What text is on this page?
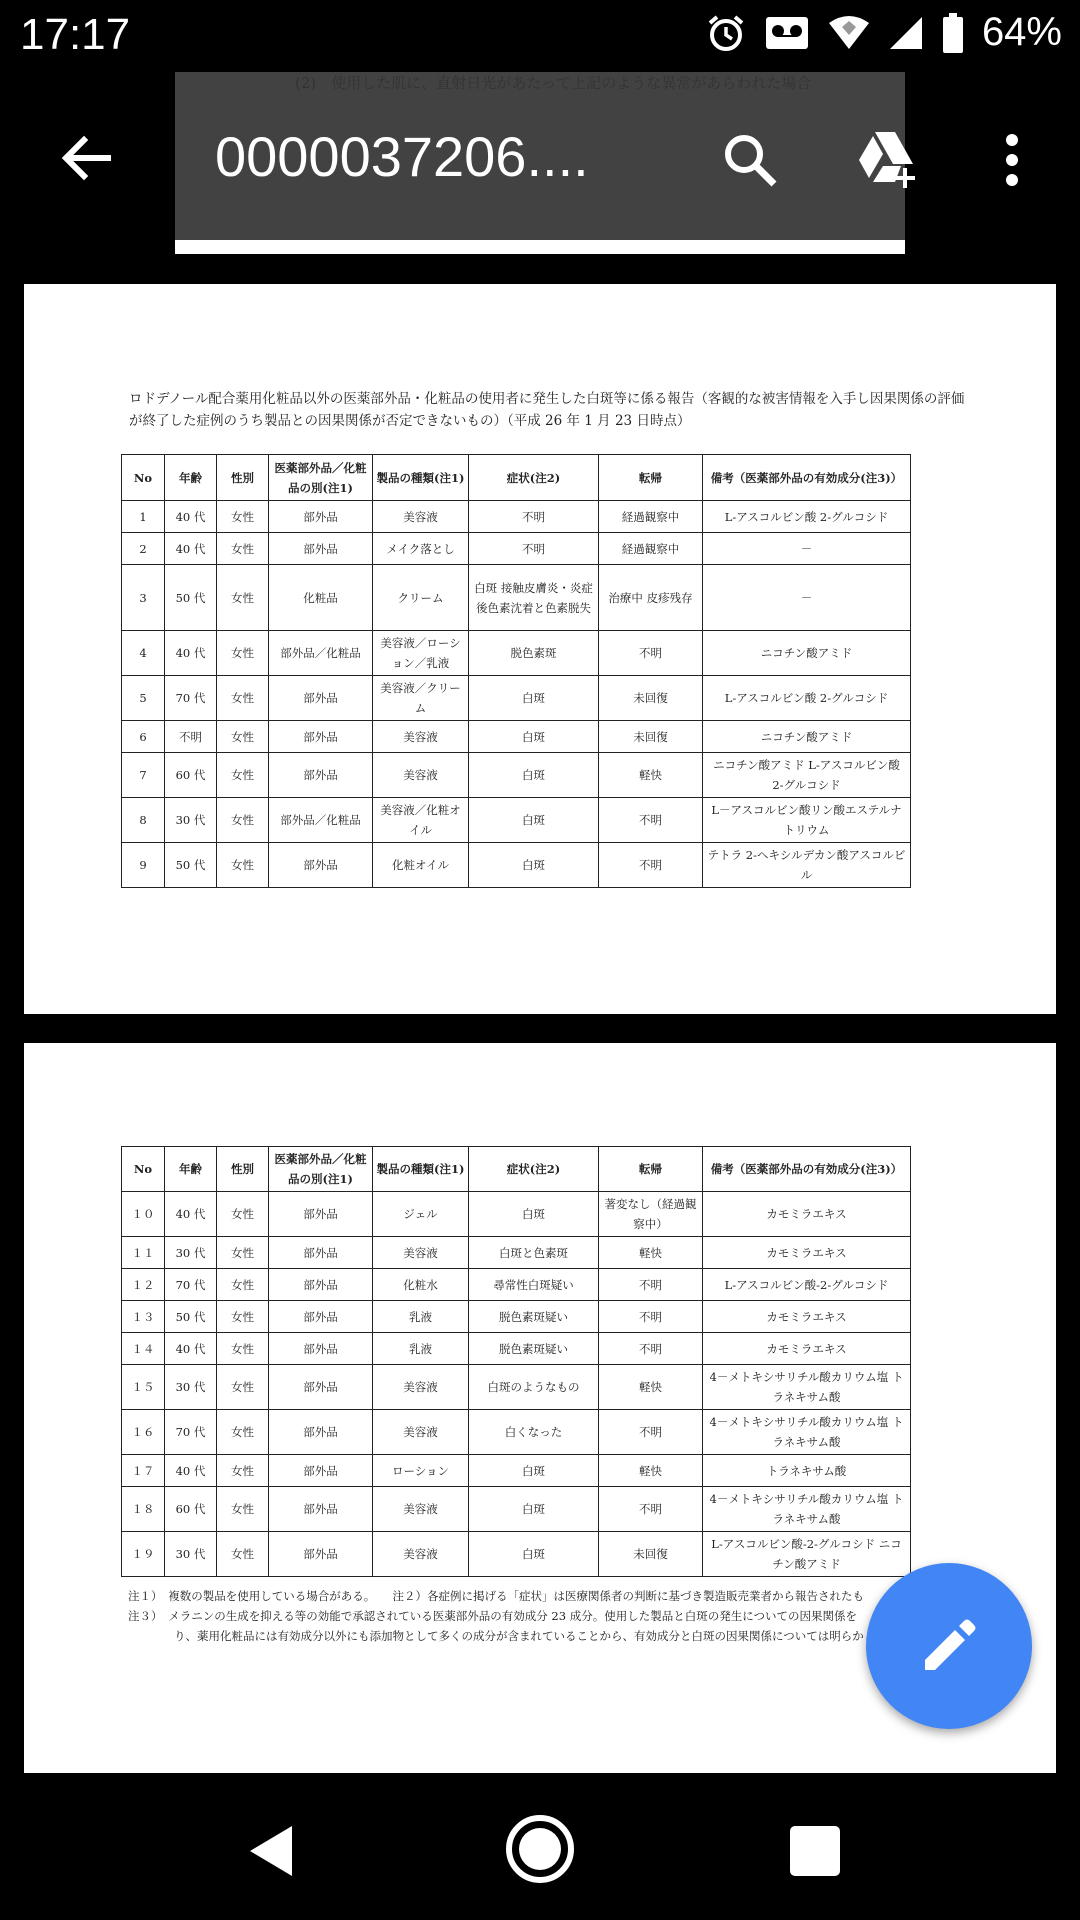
17:17	64%
(2)　使用した肌に、直射日光があたって上記のような異常があらわれた場合
0000037206....
ロドデノール配合薬用化粧品以外の医薬部外品・化粧品の使用者に発生した白斑等に係る報告（客観的な被害情報を入手し因果関係の評価が終了した症例のうち製品との因果関係が否定できないもの）（平成 26 年 1 月 23 日時点）
No	年齢	性別	医薬部外品／化粧品の別(注1)	製品の種類(注1)	症状(注2)	転帰	備考（医薬部外品の有効成分(注3)）
1	40 代	女性	部外品	美容液	不明	経過観察中	L-アスコルビン酸 2-グルコシド
2	40 代	女性	部外品	メイク落とし	不明	経過観察中	－
3	50 代	女性	化粧品	クリーム	白斑 接触皮膚炎・炎症後色素沈着と色素脱失	治療中 皮疹残存	－
4	40 代	女性	部外品／化粧品	美容液／ローション／乳液	脱色素斑	不明	ニコチン酸アミド
5	70 代	女性	部外品	美容液／クリーム	白斑	未回復	L-アスコルビン酸 2-グルコシド
6	不明	女性	部外品	美容液	白斑	未回復	ニコチン酸アミド
7	60 代	女性	部外品	美容液	白斑	軽快	ニコチン酸アミド L-アスコルビン酸 2-グルコシド
8	30 代	女性	部外品／化粧品	美容液／化粧オイル	白斑	不明	L－アスコルビン酸リン酸エステルナトリウム
9	50 代	女性	部外品	化粧オイル	白斑	不明	テトラ 2-ヘキシルデカン酸アスコルビル
No	年齢	性別	医薬部外品／化粧品の別(注1)	製品の種類(注1)	症状(注2)	転帰	備考（医薬部外品の有効成分(注3)）
１０	40 代	女性	部外品	ジェル	白斑	著変なし（経過観察中）	カモミラエキス
１１	30 代	女性	部外品	美容液	白斑と色素斑	軽快	カモミラエキス
１２	70 代	女性	部外品	化粧水	尋常性白斑疑い	不明	L-アスコルビン酸-2-グルコシド
１３	50 代	女性	部外品	乳液	脱色素斑疑い	不明	カモミラエキス
１４	40 代	女性	部外品	乳液	脱色素斑疑い	不明	カモミラエキス
１５	30 代	女性	部外品	美容液	白斑のようなもの	軽快	4－メトキシサリチル酸カリウム塩 トラネキサム酸
１６	70 代	女性	部外品	美容液	白くなった	不明	4－メトキシサリチル酸カリウム塩 トラネキサム酸
１７	40 代	女性	部外品	ローション	白斑	軽快	トラネキサム酸
１８	60 代	女性	部外品	美容液	白斑	不明	4－メトキシサリチル酸カリウム塩 トラネキサム酸
１９	30 代	女性	部外品	美容液	白斑	未回復	L-アスコルビン酸-2-グルコシド ニコチン酸アミド

注１）　複数の製品を使用している場合がある。　　注２）各症例に掲げる「症状」は医療関係者の判断に基づき製造販売業者から報告されたも

注３）　メラニンの生成を抑える等の効能で承認されている医薬部外品の有効成分 23 成分。使用した製品と白斑の発生についての因果関係を

　　　　り、薬用化粧品には有効成分以外にも添加物として多くの成分が含まれていることから、有効成分と白斑の因果関係については明らか
